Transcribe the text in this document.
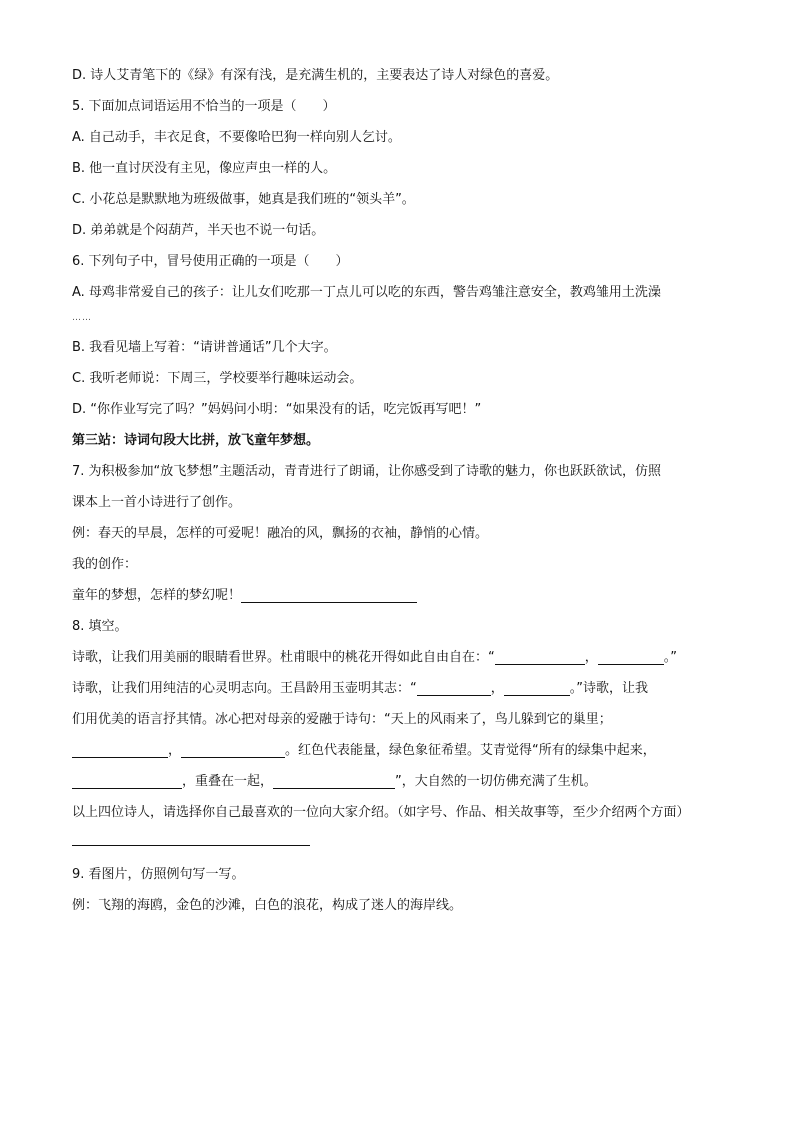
D. 诗人艾青笔下的《绿》有深有浅，是充满生机的，主要表达了诗人对绿色的喜爱。
5. 下面加点词语运用不恰当的一项是（　　）
A. 自己动手，丰衣足食，不要像哈巴狗一样向别人乞讨。
B. 他一直讨厌没有主见，像应声虫一样的人。
C. 小花总是默默地为班级做事，她真是我们班的“领头羊”。
D. 弟弟就是个闷葫芦，半天也不说一句话。
6. 下列句子中，冒号使用正确的一项是（　　）
A. 母鸡非常爱自己的孩子：让儿女们吃那一丁点儿可以吃的东西，警告鸡雏注意安全，教鸡雏用土洗澡
……
B. 我看见墙上写着：“请讲普通话”几个大字。
C. 我听老师说：下周三，学校要举行趣味运动会。
D. “你作业写完了吗？”妈妈问小明：“如果没有的话，吃完饭再写吧！”
第三站：诗词句段大比拼，放飞童年梦想。
7. 为积极参加“放飞梦想”主题活动，青青进行了朗诵，让你感受到了诗歌的魅力，你也跃跃欲试，仿照
课本上一首小诗进行了创作。
例：春天的早晨，怎样的可爱呢！融冶的风，飘扬的衣袖，静悄的心情。
我的创作：
童年的梦想，怎样的梦幻呢！
8. 填空。
诗歌，让我们用美丽的眼睛看世界。杜甫眼中的桃花开得如此自由自在：“	，	。”
诗歌，让我们用纯洁的心灵明志向。王昌龄用玉壶明其志：“	，	。”诗歌，让我
们用优美的语言抒其情。冰心把对母亲的爱融于诗句：“天上的风雨来了，鸟儿躲到它的巢里；
，	。红色代表能量，绿色象征希望。艾青觉得“所有的绿集中起来，
，重叠在一起，	”，大自然的一切仿佛充满了生机。
以上四位诗人，请选择你自己最喜欢的一位向大家介绍。（如字号、作品、相关故事等，至少介绍两个方面）
9. 看图片，仿照例句写一写。
例：飞翔的海鸥，金色的沙滩，白色的浪花，构成了迷人的海岸线。
